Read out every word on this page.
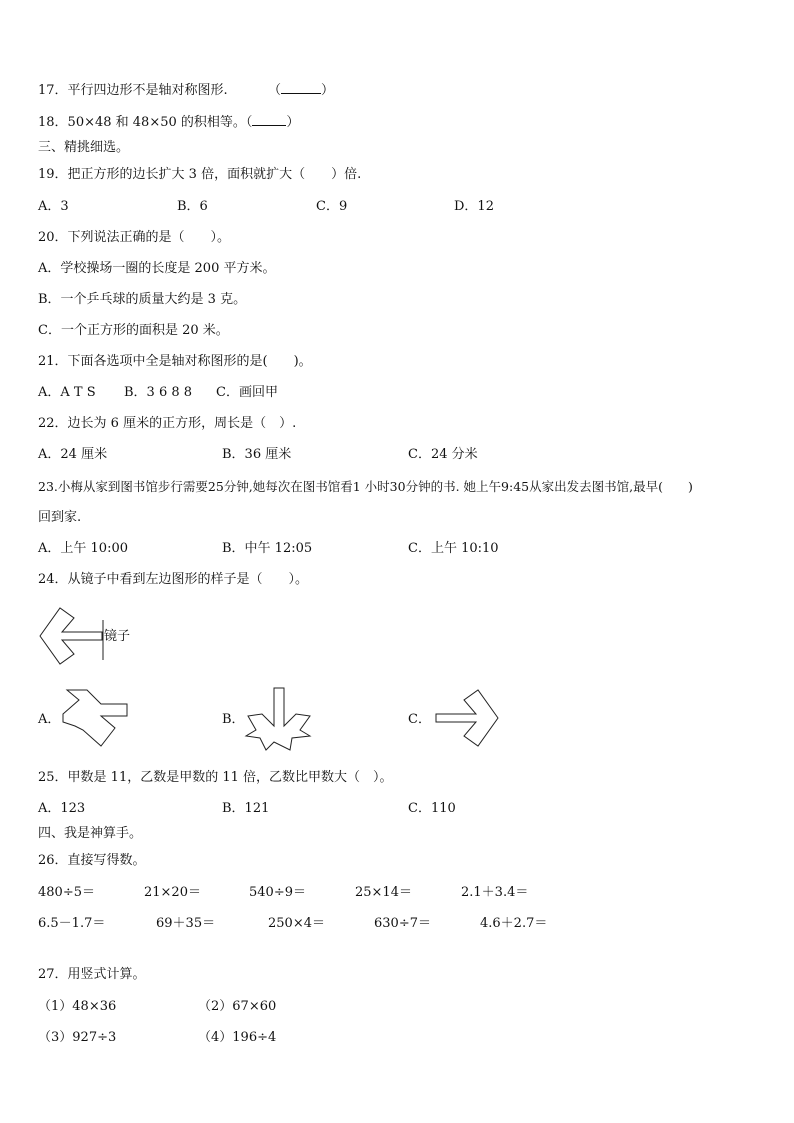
17．平行四边形不是轴对称图形.	（	）
18．50×48 和 48×50 的积相等。（	）
三、精挑细选。
19．把正方形的边长扩大 3 倍，面积就扩大（　　）倍.
A．3	B．6	C．9	D．12
20．下列说法正确的是（　　）。
A．学校操场一圈的长度是 200 平方米。
B．一个乒乓球的质量大约是 3 克。
C．一个正方形的面积是 20 米。
21．下面各选项中全是轴对称图形的是(　　)。
A．A T S B．3 6 8 8 C．画回甲
22．边长为 6 厘米的正方形，周长是（　）.
A．24 厘米	B．36 厘米	C．24 分米
23.小梅从家到图书馆步行需要25分钟,她每次在图书馆看1 小时30分钟的书. 她上午9:45从家出发去图书馆,最早(　　)
回到家.
A．上午 10:00	B．中午 12:05	C．上午 10:10
24．从镜子中看到左边图形的样子是（　　）。
镜子
A．	B．	C．
25．甲数是 11，乙数是甲数的 11 倍，乙数比甲数大（　）。
A．123	B．121	C．110
四、我是神算手。
26．直接写得数。
480÷5＝	21×20＝	540÷9＝	25×14＝	2.1＋3.4＝
6.5－1.7＝	69＋35＝	250×4＝	630÷7＝	4.6＋2.7＝
27．用竖式计算。
（1）48×36	（2）67×60
（3）927÷3	（4）196÷4
